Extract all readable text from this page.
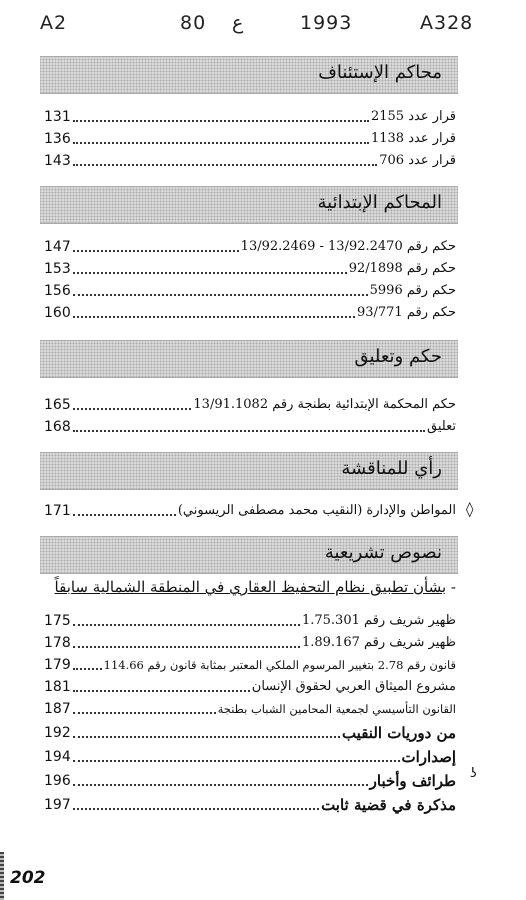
A2	80 ع	1993	A328
محاكم الإستئناف
131	قرار عدد 2155
136	قرار عدد 1138
143	قرار عدد 706
المحاكم الإبتدائية
147	حكم رقم 13/92.2470 - 13/92.2469
153	حكم رقم 92/1898
156	حكم رقم 5996
160	حكم رقم 93/771
حكم وتعليق
165	حكم المحكمة الإبتدائية بطنجة رقم 13/91.1082
168	تعليق
رأي للمناقشة
◊
171	المواطن والإدارة (النقيب محمد مصطفى الريسوني)
نصوص تشريعية
- بشأن تطبيق نظام التحفيظ العقاري في المنطقة الشمالية سابقاً
175	ظهير شريف رقم 1.75.301
178	ظهير شريف رقم 1.89.167
179	قانون رقم 2.78 بتغيير المرسوم الملكي المعتبر بمثابة قانون رقم 114.66
181	مشروع الميثاق العربي لحقوق الإنسان
187	القانون التأسيسي لجمعية المحامين الشباب بطنجة
192	من دوريات النقيب
194	إصدارات
ʖ
196	طرائف وأخبار
197	مذكرة في قضية ثابت
202
